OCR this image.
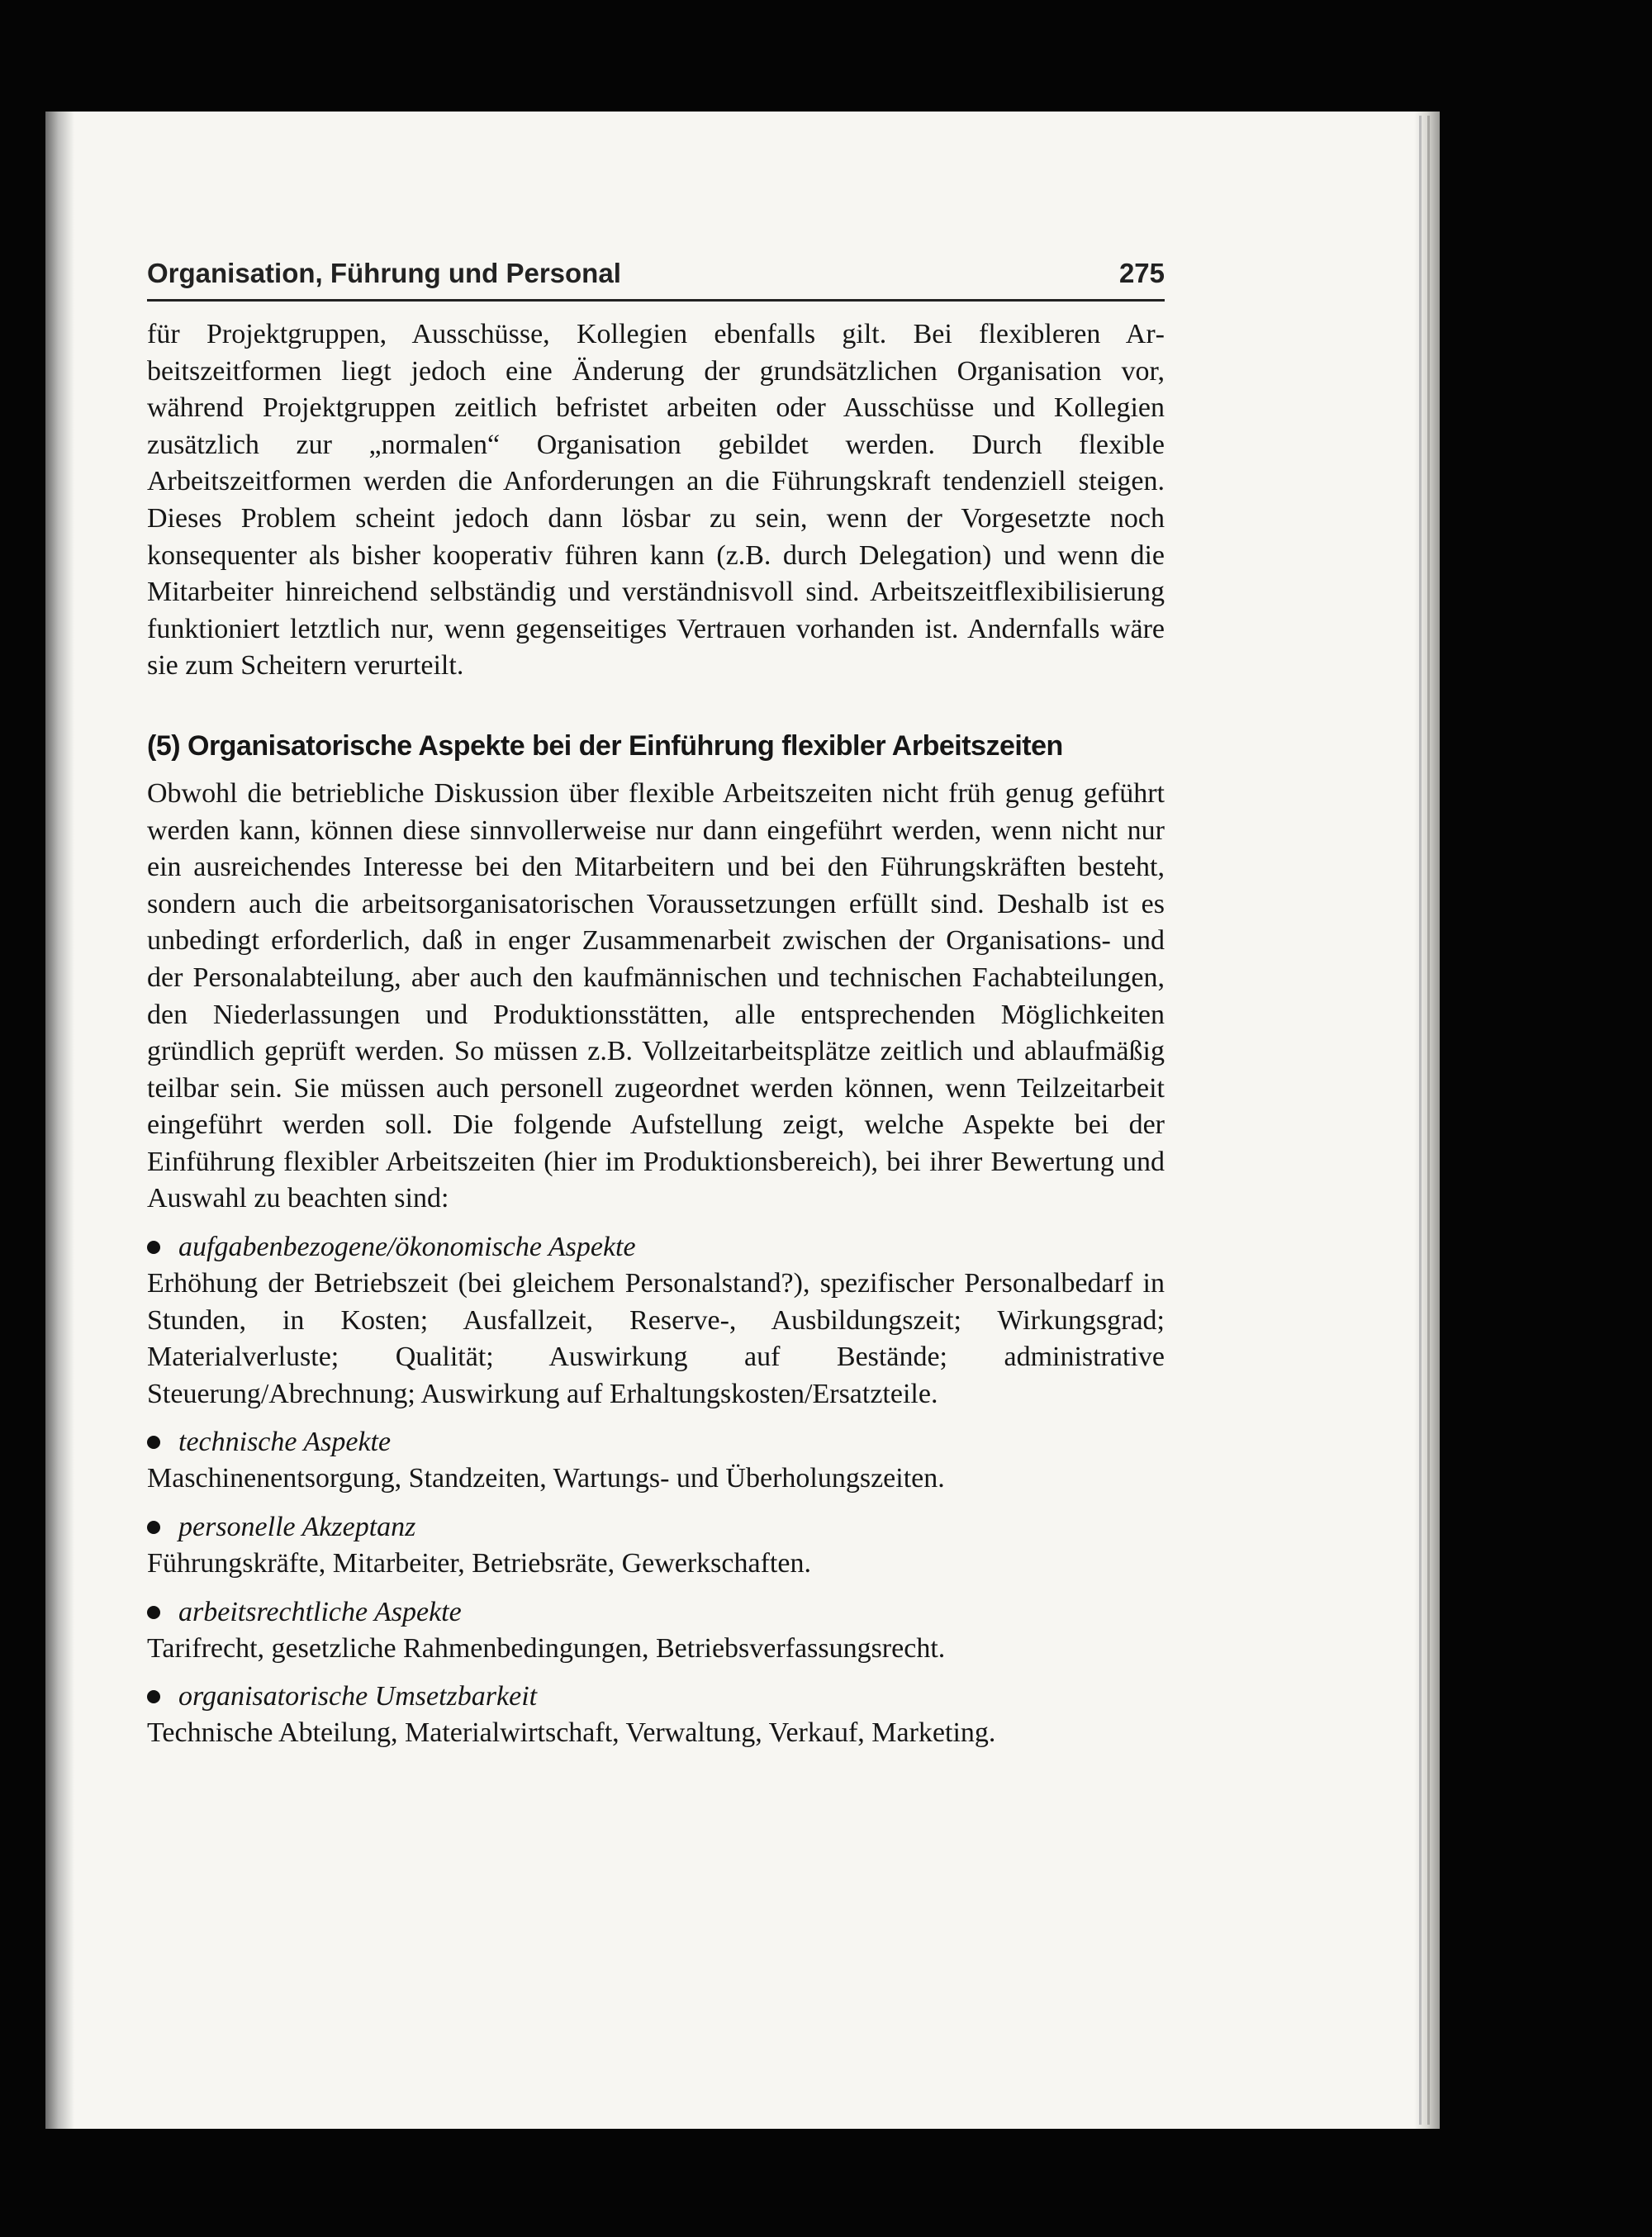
Organisation, Führung und Personal	275

für Projektgruppen, Ausschüsse, Kollegien ebenfalls gilt. Bei flexibleren Arbeitszeitformen liegt jedoch eine Änderung der grundsätzlichen Organisation vor, während Projektgruppen zeitlich befristet arbeiten oder Ausschüsse und Kollegien zusätzlich zur „normalen“ Organisation gebildet werden. Durch flexible Arbeitszeitformen werden die Anforderungen an die Führungskraft tendenziell steigen. Dieses Problem scheint jedoch dann lösbar zu sein, wenn der Vorgesetzte noch konsequenter als bisher kooperativ führen kann (z.B. durch Delegation) und wenn die Mitarbeiter hinreichend selbständig und verständnisvoll sind. Arbeitszeitflexibilisierung funktioniert letztlich nur, wenn gegenseitiges Vertrauen vorhanden ist. Andernfalls wäre sie zum Scheitern verurteilt.

(5) Organisatorische Aspekte bei der Einführung flexibler Arbeitszeiten

Obwohl die betriebliche Diskussion über flexible Arbeitszeiten nicht früh genug geführt werden kann, können diese sinnvollerweise nur dann eingeführt werden, wenn nicht nur ein ausreichendes Interesse bei den Mitarbeitern und bei den Führungskräften besteht, sondern auch die arbeitsorganisatorischen Voraussetzungen erfüllt sind. Deshalb ist es unbedingt erforderlich, daß in enger Zusammenarbeit zwischen der Organisations- und der Personalabteilung, aber auch den kaufmännischen und technischen Fachabteilungen, den Niederlassungen und Produktionsstätten, alle entsprechenden Möglichkeiten gründlich geprüft werden. So müssen z.B. Vollzeitarbeitsplätze zeitlich und ablaufmäßig teilbar sein. Sie müssen auch personell zugeordnet werden können, wenn Teilzeitarbeit eingeführt werden soll. Die folgende Aufstellung zeigt, welche Aspekte bei der Einführung flexibler Arbeitszeiten (hier im Produktionsbereich), bei ihrer Bewertung und Auswahl zu beachten sind:

aufgabenbezogene/ökonomische Aspekte

Erhöhung der Betriebszeit (bei gleichem Personalstand?), spezifischer Personalbedarf in Stunden, in Kosten; Ausfallzeit, Reserve-, Ausbildungszeit; Wirkungsgrad; Materialverluste; Qualität; Auswirkung auf Bestände; administrative Steuerung/Abrechnung; Auswirkung auf Erhaltungskosten/Ersatzteile.

technische Aspekte

Maschinenentsorgung, Standzeiten, Wartungs- und Überholungszeiten.

personelle Akzeptanz

Führungskräfte, Mitarbeiter, Betriebsräte, Gewerkschaften.

arbeitsrechtliche Aspekte

Tarifrecht, gesetzliche Rahmenbedingungen, Betriebsverfassungsrecht.

organisatorische Umsetzbarkeit

Technische Abteilung, Materialwirtschaft, Verwaltung, Verkauf, Marketing.
